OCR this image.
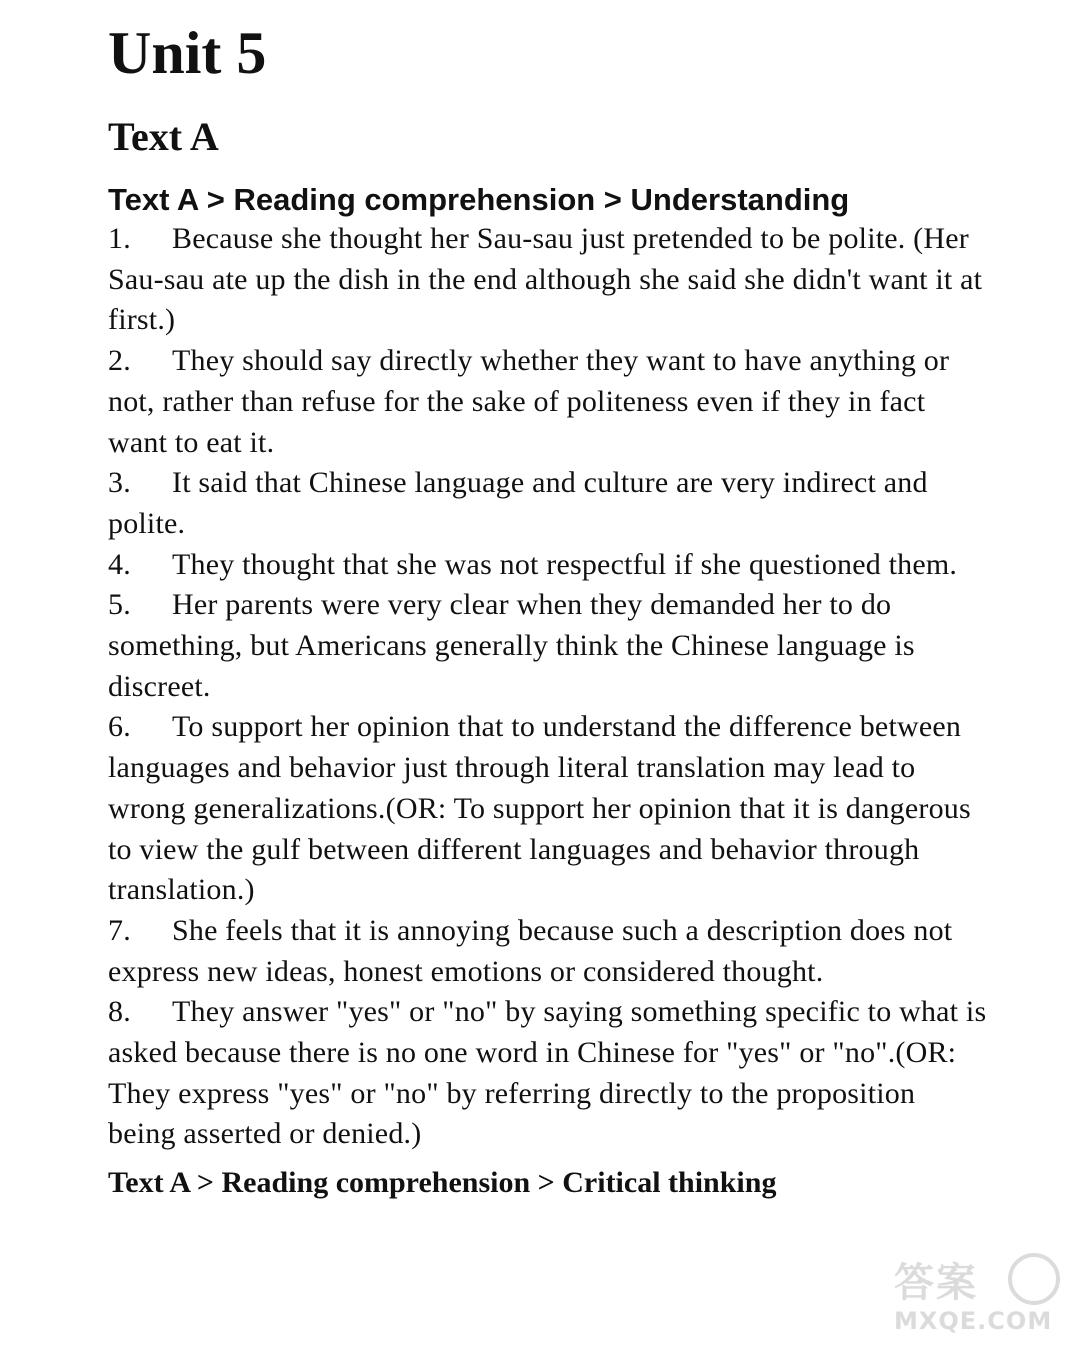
Unit 5
Text A
Text A > Reading comprehension > Understanding
1. Because she thought her Sau-sau just pretended to be polite. (Her Sau-sau ate up the dish in the end although she said she didn't want it at first.)
2. They should say directly whether they want to have anything or not, rather than refuse for the sake of politeness even if they in fact want to eat it.
3. It said that Chinese language and culture are very indirect and polite.
4. They thought that she was not respectful if she questioned them.
5. Her parents were very clear when they demanded her to do something, but Americans generally think the Chinese language is discreet.
6. To support her opinion that to understand the difference between languages and behavior just through literal translation may lead to wrong generalizations.(OR: To support her opinion that it is dangerous to view the gulf between different languages and behavior through translation.)
7. She feels that it is annoying because such a description does not express new ideas, honest emotions or considered thought.
8. They answer "yes" or "no" by saying something specific to what is asked because there is no one word in Chinese for "yes" or "no".(OR: They express "yes" or "no" by referring directly to the proposition being asserted or denied.)
Text A > Reading comprehension > Critical thinking
答案
MXQE.COM
